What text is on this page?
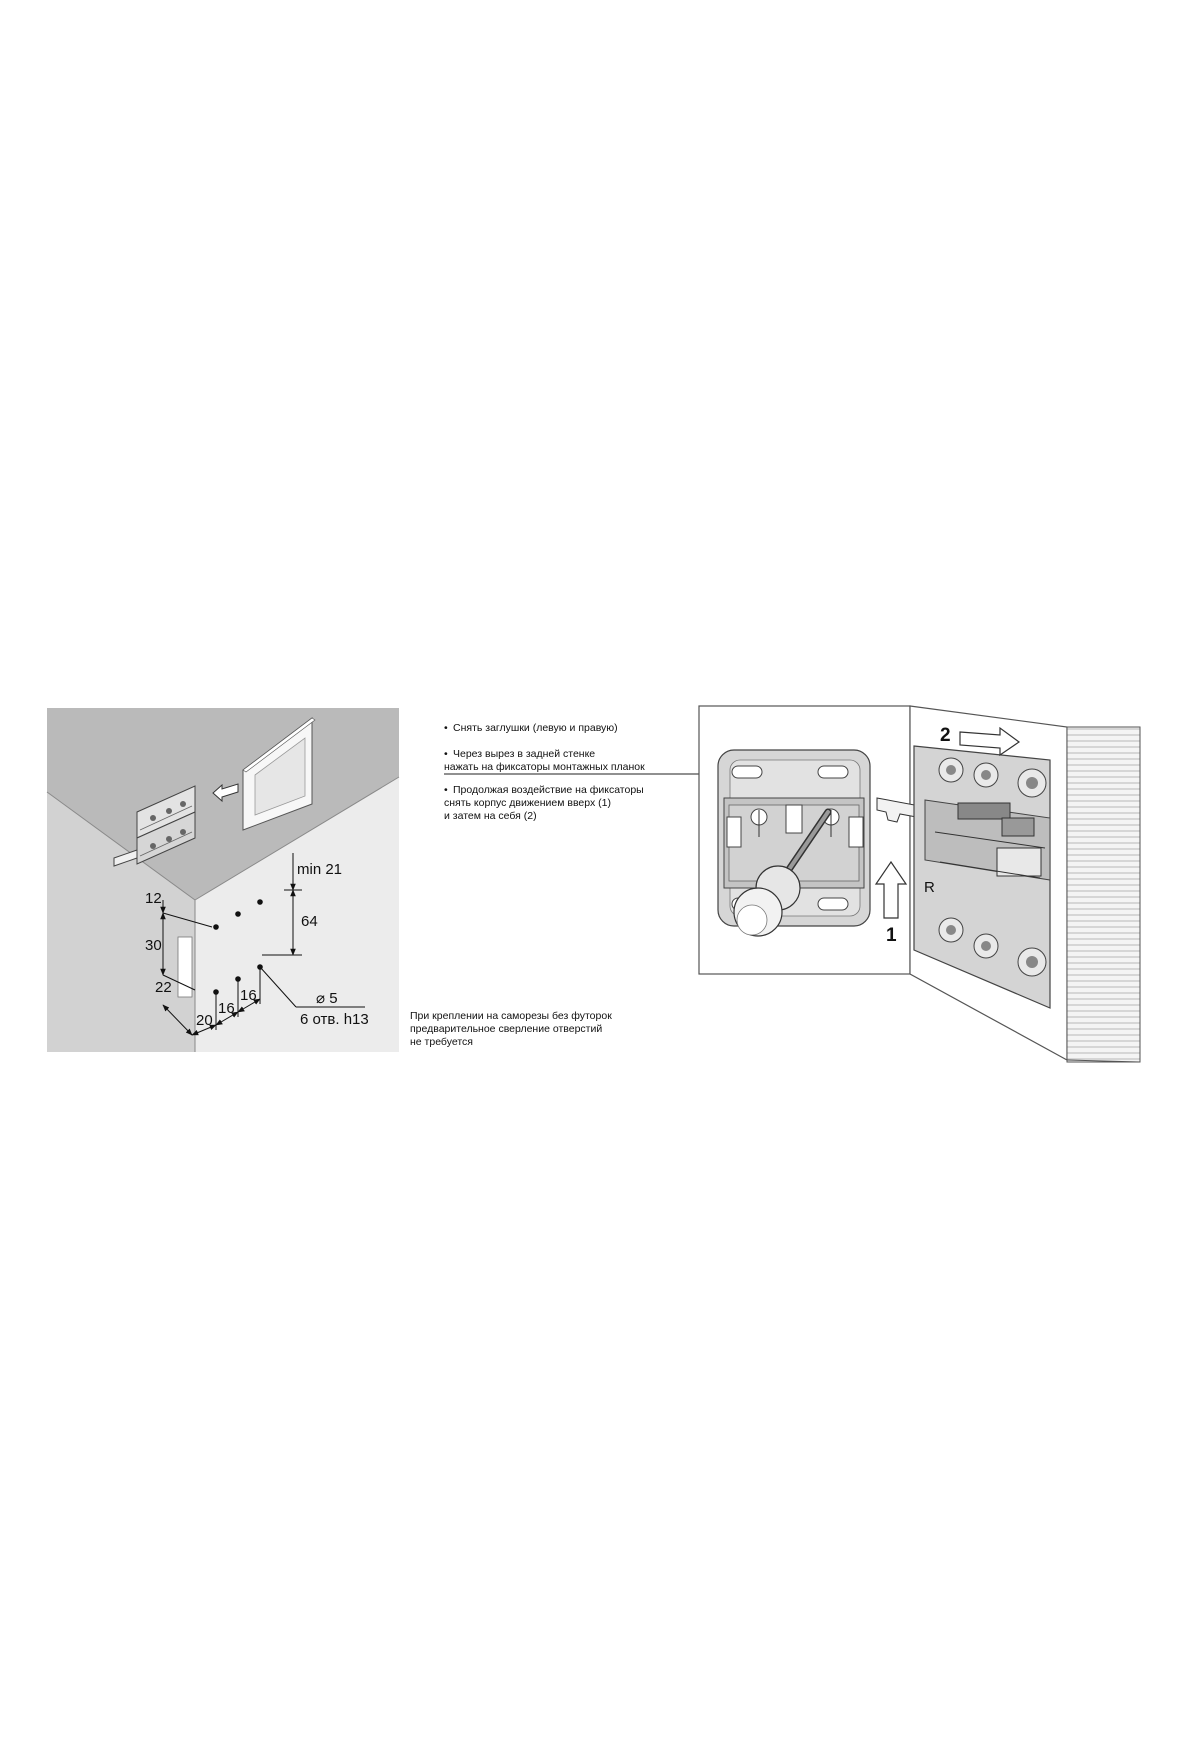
min 21
64
12
30
22
20
16
16	⌀ 5
6 отв. h13
• Снять заглушки (левую и правую)
• Через вырез в задней стенке
нажать на фиксаторы монтажных планок
• Продолжая воздействие на фиксаторы
снять корпус движением вверх (1)
и затем на себя (2)
При креплении на саморезы без футорок
предварительное сверление отверстий
не требуется
R
1
2
